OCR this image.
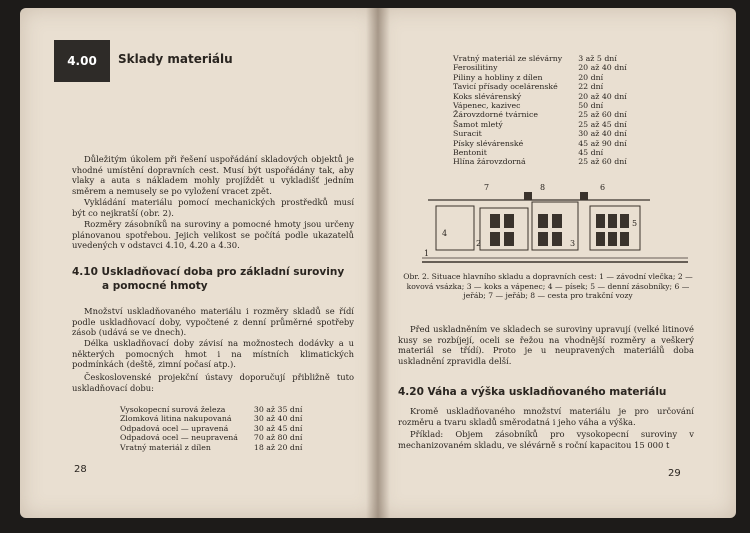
4.00 Sklady materiálu

Důležitým úkolem při řešení uspořádání skladových objektů je vhodné umístění dopravních cest. Musí být uspořádány tak, aby vlaky a auta s nákladem mohly projíždět u vykladišť jedním směrem a nemusely se po vyložení vracet zpět.

Vykládání materiálu pomocí mechanických prostředků musí být co nejkratší (obr. 2).

Rozměry zásobníků na suroviny a pomocné hmoty jsou určeny plánovanou spotřebou. Jejich velikost se počítá podle ukazatelů uvedených v odstavci 4.10, 4.20 a 4.30.

4.10 Uskladňovací doba pro základní suroviny
a pomocné hmoty

Množství uskladňovaného materiálu i rozměry skladů se řídí podle uskladňovací doby, vypočtené z denní průměrné spotřeby zásob (udává se ve dnech).

Délka uskladňovací doby závisí na možnostech dodávky a u některých pomocných hmot i na místních klimatických podmínkách (deště, zimní počasí atp.).

Československé projekční ústavy doporučují přibližně tuto uskladňovací dobu:

Vysokopecní surová železa	30 až 35 dní
Zlomková litina nakupovaná	30 až 40 dní
Odpadová ocel — upravená	30 až 45 dní
Odpadová ocel — neupravená	70 až 80 dní
Vratný materiál z dílen	18 až 20 dní
28
Vratný materiál ze slévárny	3 až 5 dní
Ferosilitiny	20 až 40 dní
Piliny a hobliny z dílen	20 dní
Tavicí přísady ocelárenské	22 dní
Koks slévárenský	20 až 40 dní
Vápenec, kazivec	50 dní
Žárovzdorné tvárnice	25 až 60 dní
Šamot mletý	25 až 45 dní
Suracit	30 až 40 dní
Písky slévárenské	45 až 90 dní
Bentonit	45 dní
Hlína žárovzdorná	25 až 60 dní
1
2	3
4
5
6
7	8

Obr. 2. Situace hlavního skladu a dopravních cest: 1 — závodní vlečka; 2 — kovová vsázka; 3 — koks a vápenec; 4 — písek; 5 — denní zásobníky; 6 — jeřáb; 7 — jeřáb; 8 — cesta pro trakční vozy

Před uskladněním ve skladech se suroviny upravují (velké litinové kusy se rozbíjejí, oceli se řežou na vhodnější rozměry a veškerý materiál se třídí). Proto je u neupravených materiálů doba uskladnění zpravidla delší.

4.20 Váha a výška uskladňovaného materiálu

Kromě uskladňovaného množství materiálu je pro určování rozměru a tvaru skladů směrodatná i jeho váha a výška.

Příklad: Objem zásobníků pro vysokopecní suroviny v mechanizovaném skladu, ve slévárně s roční kapacitou 15 000 t

29
